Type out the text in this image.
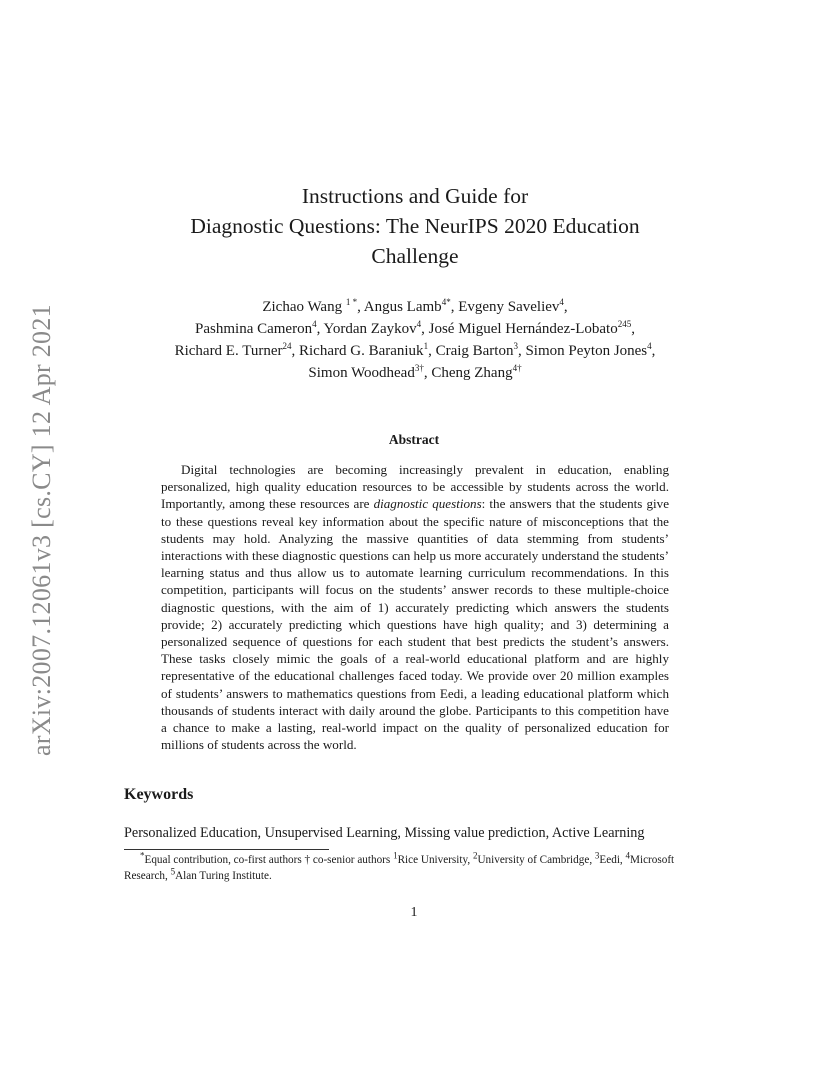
arXiv:2007.12061v3 [cs.CY] 12 Apr 2021
Instructions and Guide for
Diagnostic Questions: The NeurIPS 2020 Education
Challenge
Zichao Wang $^{1 *}$, Angus Lamb$^{4*}$, Evgeny Saveliev$^4$,
Pashmina Cameron$^4$, Yordan Zaykov$^4$, José Miguel Hernández-Lobato$^{245}$,
Richard E. Turner$^{24}$, Richard G. Baraniuk$^1$, Craig Barton$^3$, Simon Peyton Jones$^4$,
Simon Woodhead$^{3\dagger}$, Cheng Zhang$^{4\dagger}$
Abstract
Digital technologies are becoming increasingly prevalent in education, enabling personalized, high quality education resources to be accessible by students across the world. Importantly, among these resources are diagnostic questions: the answers that the students give to these questions reveal key information about the specific nature of misconceptions that the students may hold. Analyzing the massive quantities of data stemming from students’ interactions with these diagnostic questions can help us more accurately understand the students’ learning status and thus allow us to automate learning curriculum recommendations. In this competition, participants will focus on the students’ answer records to these multiple-choice diagnostic questions, with the aim of 1) accurately predicting which answers the students provide; 2) accurately predicting which questions have high quality; and 3) determining a personalized sequence of questions for each student that best predicts the student’s answers. These tasks closely mimic the goals of a real-world educational platform and are highly representative of the educational challenges faced today. We provide over 20 million examples of students’ answers to mathematics questions from Eedi, a leading educational platform which thousands of students interact with daily around the globe. Participants to this competition have a chance to make a lasting, real-world impact on the quality of personalized education for millions of students across the world.
Keywords
Personalized Education, Unsupervised Learning, Missing value prediction, Active Learning
*Equal contribution, co-first authors † co-senior authors $^1$Rice University, $^2$University of Cambridge, $^3$Eedi, $^4$Microsoft Research, $^5$Alan Turing Institute.
1
